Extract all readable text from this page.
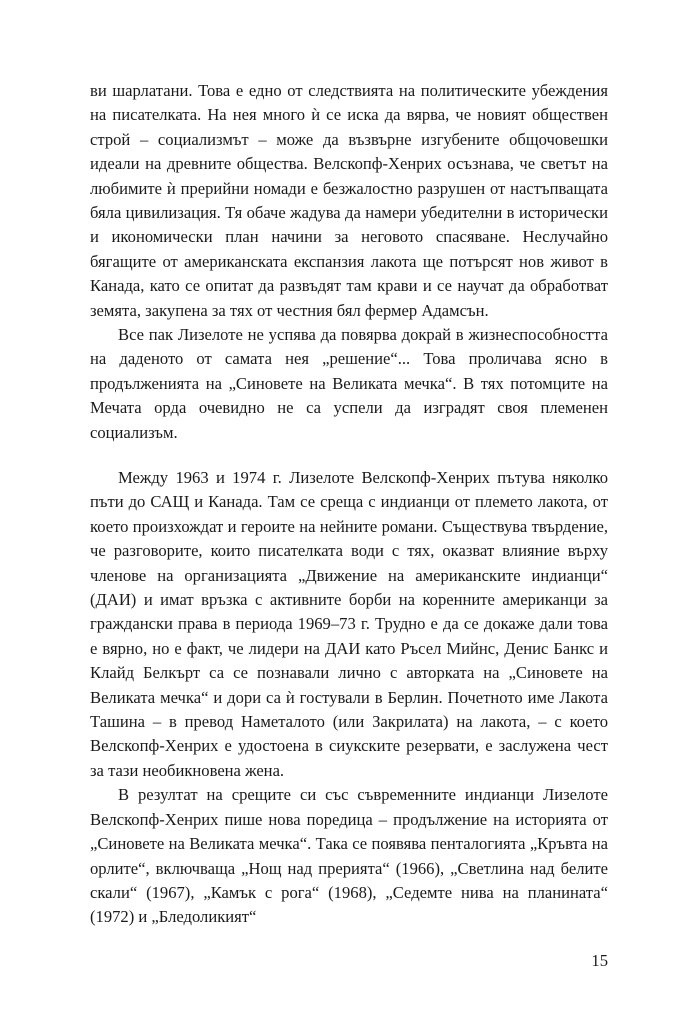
ви шарлатани. Това е едно от следствията на политическите убеждения на писателката. На нея много ѝ се иска да вярва, че новият обществен строй – социализмът – може да възвърне изгубените общочовешки идеали на древните общества. Велскопф-Хенрих осъзнава, че светът на любимите ѝ прерийни номади е безжалостно разрушен от настъпващата бяла цивилизация. Тя обаче жадува да намери убедителни в исторически и икономически план начини за неговото спасяване. Неслучайно бягащите от американската експанзия лакота ще потърсят нов живот в Канада, като се опитат да развъдят там крави и се научат да обработват земята, закупена за тях от честния бял фермер Адамсън.

Все пак Лизелоте не успява да повярва докрай в жизнеспособността на даденото от самата нея „решение“... Това проличава ясно в продълженията на „Синовете на Великата мечка“. В тях потомците на Мечата орда очевидно не са успели да изградят своя племенен социализъм.

Между 1963 и 1974 г. Лизелоте Велскопф-Хенрих пътува няколко пъти до САЩ и Канада. Там се среща с индианци от племето лакота, от което произхождат и героите на нейните романи. Съществува твърдение, че разговорите, които писателката води с тях, оказват влияние върху членове на организацията „Движение на американските индианци“ (ДАИ) и имат връзка с активните борби на коренните американци за граждански права в периода 1969–73 г. Трудно е да се докаже дали това е вярно, но е факт, че лидери на ДАИ като Ръсел Мийнс, Денис Банкс и Клайд Белкърт са се познавали лично с авторката на „Синовете на Великата мечка“ и дори са ѝ гостували в Берлин. Почетното име Лакота Ташина – в превод Наметалото (или Закрилата) на лакота, – с което Велскопф-Хенрих е удостоена в сиукските резервати, е заслужена чест за тази необикновена жена.

В резултат на срещите си със съвременните индианци Лизелоте Велскопф-Хенрих пише нова поредица – продължение на историята от „Синовете на Великата мечка“. Така се появява пенталогията „Кръвта на орлите“, включваща „Нощ над прерията“ (1966), „Светлина над белите скали“ (1967), „Камък с рога“ (1968), „Седемте нива на планината“ (1972) и „Бледоликият“

15
